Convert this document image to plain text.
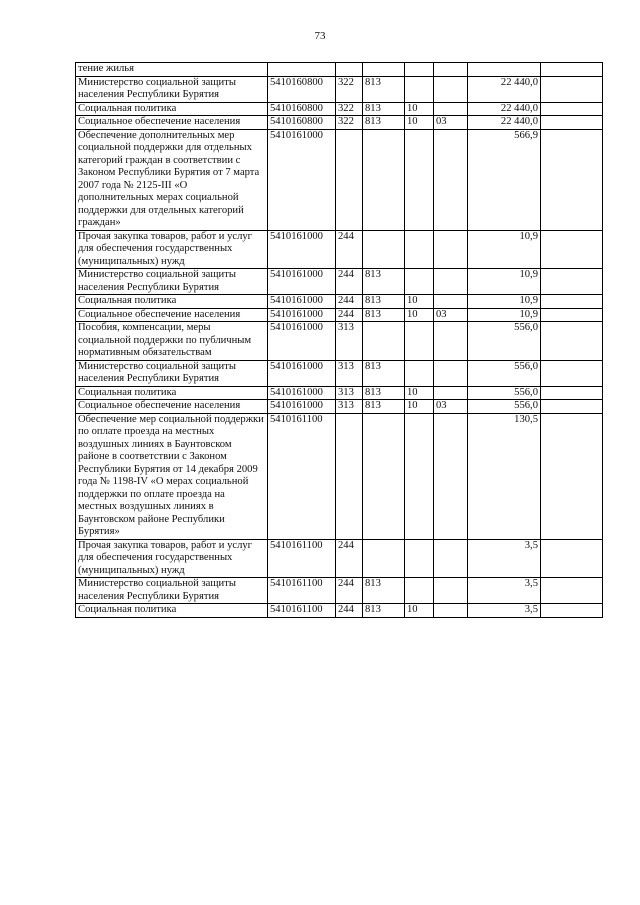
73
тение жилья							
Министерство социальной защиты населения Республики Бурятия	5410160800	322	813			22 440,0	
Социальная политика	5410160800	322	813	10		22 440,0	
Социальное обеспечение населения	5410160800	322	813	10	03	22 440,0	
Обеспечение дополнительных мер социальной поддержки для отдельных категорий граждан в соответствии с Законом Республики Бурятия от 7 марта 2007 года № 2125-III «О дополнительных мерах социальной поддержки для отдельных категорий граждан»	5410161000					566,9	
Прочая закупка товаров, работ и услуг для обеспечения государственных (муниципальных) нужд	5410161000	244				10,9	
Министерство социальной защиты населения Республики Бурятия	5410161000	244	813			10,9	
Социальная политика	5410161000	244	813	10		10,9	
Социальное обеспечение населения	5410161000	244	813	10	03	10,9	
Пособия, компенсации, меры социальной поддержки по публичным нормативным обязательствам	5410161000	313				556,0	
Министерство социальной защиты населения Республики Бурятия	5410161000	313	813			556,0	
Социальная политика	5410161000	313	813	10		556,0	
Социальное обеспечение населения	5410161000	313	813	10	03	556,0	
Обеспечение мер социальной поддержки по оплате проезда на местных воздушных линиях в Баунтовском районе в соответствии с Законом Республики Бурятия от 14 декабря 2009 года № 1198-IV «О мерах социальной поддержки по оплате проезда на местных воздушных линиях в Баунтовском районе Республики Бурятия»	5410161100					130,5	
Прочая закупка товаров, работ и услуг для обеспечения государственных (муниципальных) нужд	5410161100	244				3,5	
Министерство социальной защиты населения Республики Бурятия	5410161100	244	813			3,5	
Социальная политика	5410161100	244	813	10		3,5	
